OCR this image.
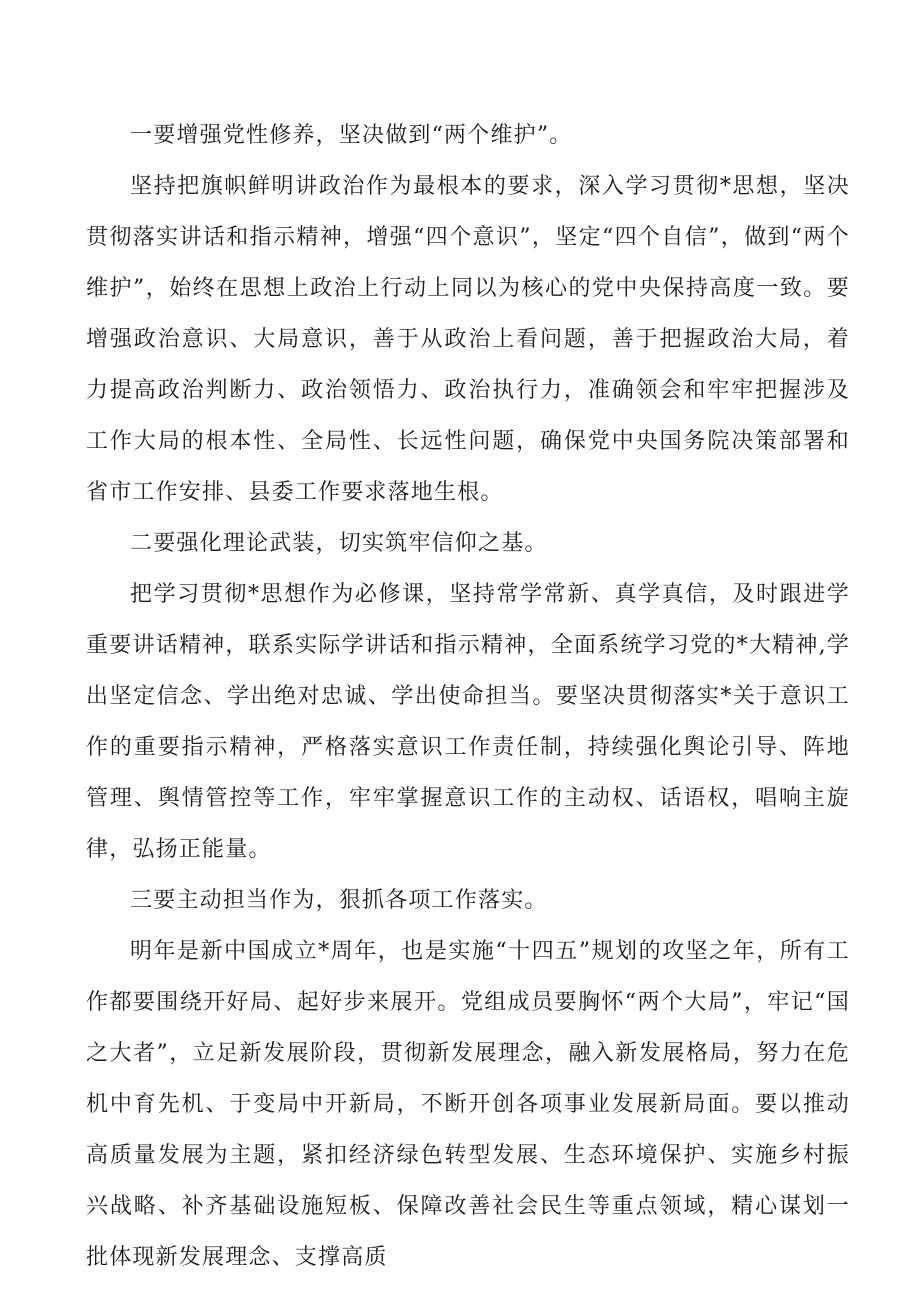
一要增强党性修养，坚决做到“两个维护”。

坚持把旗帜鲜明讲政治作为最根本的要求，深入学习贯彻*思想，坚决贯彻落实讲话和指示精神，增强“四个意识”，坚定“四个自信”，做到“两个维护”，始终在思想上政治上行动上同以为核心的党中央保持高度一致。要增强政治意识、大局意识，善于从政治上看问题，善于把握政治大局，着力提高政治判断力、政治领悟力、政治执行力，准确领会和牢牢把握涉及工作大局的根本性、全局性、长远性问题，确保党中央国务院决策部署和省市工作安排、县委工作要求落地生根。

二要强化理论武装，切实筑牢信仰之基。

把学习贯彻*思想作为必修课，坚持常学常新、真学真信，及时跟进学重要讲话精神，联系实际学讲话和指示精神，全面系统学习党的*大精神,学出坚定信念、学出绝对忠诚、学出使命担当。要坚决贯彻落实*关于意识工作的重要指示精神，严格落实意识工作责任制，持续强化舆论引导、阵地管理、舆情管控等工作，牢牢掌握意识工作的主动权、话语权，唱响主旋律，弘扬正能量。

三要主动担当作为，狠抓各项工作落实。

明年是新中国成立*周年，也是实施“十四五”规划的攻坚之年，所有工作都要围绕开好局、起好步来展开。党组成员要胸怀“两个大局”，牢记“国之大者”，立足新发展阶段，贯彻新发展理念，融入新发展格局，努力在危机中育先机、于变局中开新局，不断开创各项事业发展新局面。要以推动高质量发展为主题，紧扣经济绿色转型发展、生态环境保护、实施乡村振兴战略、补齐基础设施短板、保障改善社会民生等重点领域，精心谋划一批体现新发展理念、支撑高质
